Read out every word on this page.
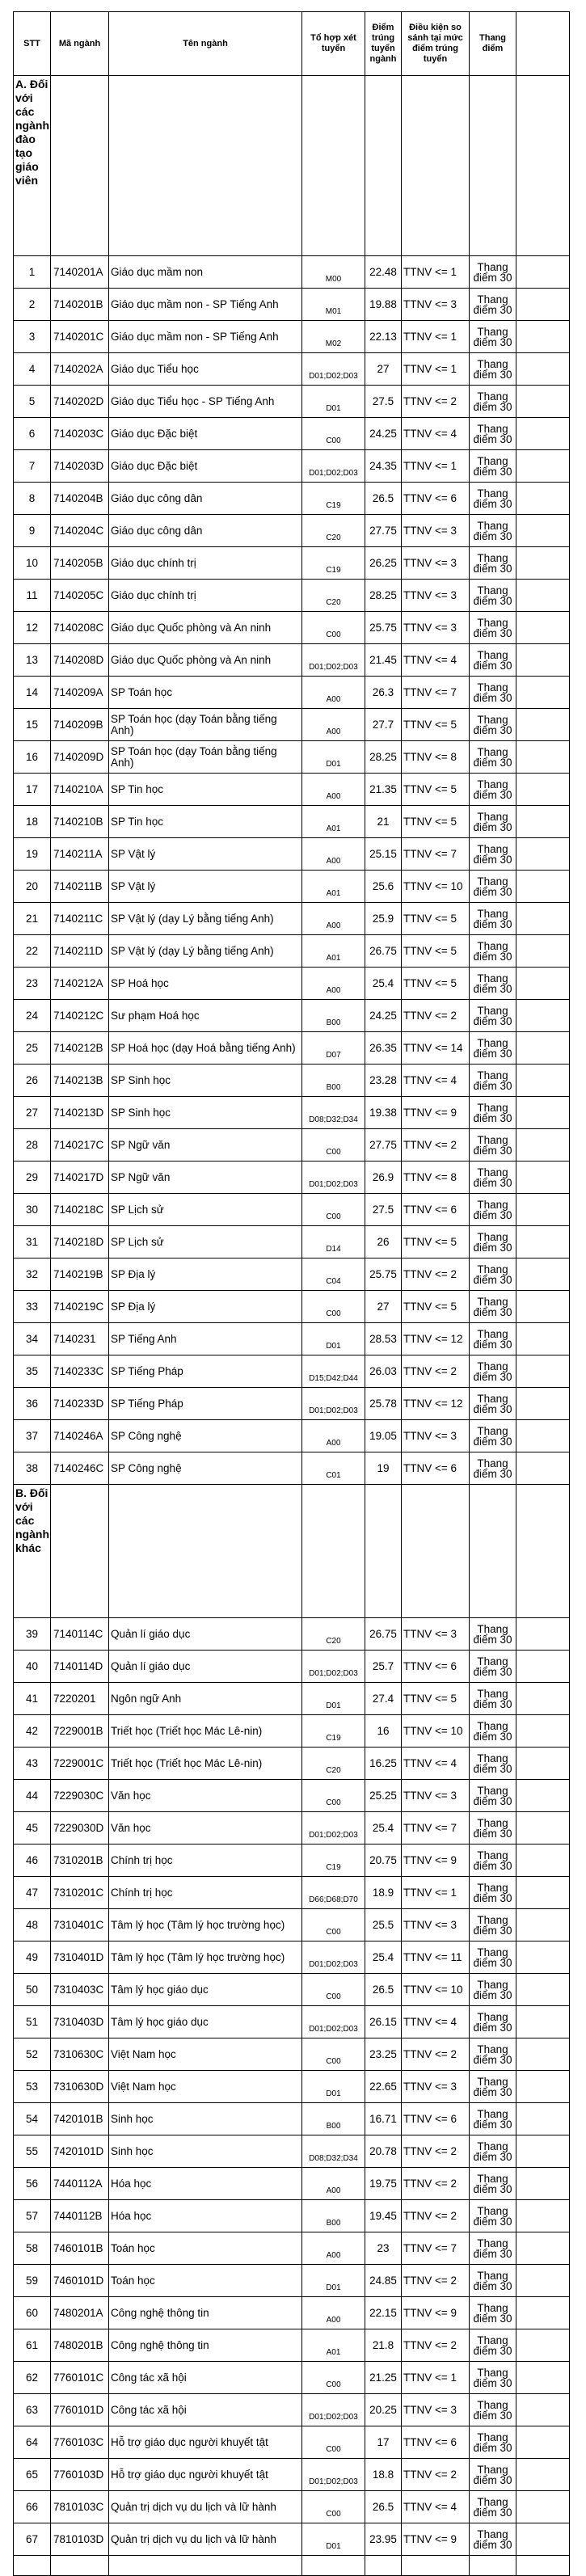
STT	Mã ngành	Tên ngành	Tổ hợp xét tuyển	Điểm trúng tuyển ngành	Điều kiện so sánh tại mức điểm trúng tuyển	Thang điểm	
A. Đối với các ngành đào tạo giáo viên							
1	7140201A	Giáo dục mầm non	M00	22.48	TTNV <= 1	Thang điểm 30	
2	7140201B	Giáo dục mầm non - SP Tiếng Anh	M01	19.88	TTNV <= 3	Thang điểm 30	
3	7140201C	Giáo dục mầm non - SP Tiếng Anh	M02	22.13	TTNV <= 1	Thang điểm 30	
4	7140202A	Giáo dục Tiểu học	D01;D02;D03	27	TTNV <= 1	Thang điểm 30	
5	7140202D	Giáo dục Tiểu học - SP Tiếng Anh	D01	27.5	TTNV <= 2	Thang điểm 30	
6	7140203C	Giáo dục Đặc biệt	C00	24.25	TTNV <= 4	Thang điểm 30	
7	7140203D	Giáo dục Đặc biệt	D01;D02;D03	24.35	TTNV <= 1	Thang điểm 30	
8	7140204B	Giáo dục công dân	C19	26.5	TTNV <= 6	Thang điểm 30	
9	7140204C	Giáo dục công dân	C20	27.75	TTNV <= 3	Thang điểm 30	
10	7140205B	Giáo dục chính trị	C19	26.25	TTNV <= 3	Thang điểm 30	
11	7140205C	Giáo dục chính trị	C20	28.25	TTNV <= 3	Thang điểm 30	
12	7140208C	Giáo dục Quốc phòng và An ninh	C00	25.75	TTNV <= 3	Thang điểm 30	
13	7140208D	Giáo dục Quốc phòng và An ninh	D01;D02;D03	21.45	TTNV <= 4	Thang điểm 30	
14	7140209A	SP Toán học	A00	26.3	TTNV <= 7	Thang điểm 30	
15	7140209B	SP Toán học (dạy Toán bằng tiếng Anh)	A00	27.7	TTNV <= 5	Thang điểm 30	
16	7140209D	SP Toán học (dạy Toán bằng tiếng Anh)	D01	28.25	TTNV <= 8	Thang điểm 30	
17	7140210A	SP Tin học	A00	21.35	TTNV <= 5	Thang điểm 30	
18	7140210B	SP Tin học	A01	21	TTNV <= 5	Thang điểm 30	
19	7140211A	SP Vật lý	A00	25.15	TTNV <= 7	Thang điểm 30	
20	7140211B	SP Vật lý	A01	25.6	TTNV <= 10	Thang điểm 30	
21	7140211C	SP Vật lý (dạy Lý bằng tiếng Anh)	A00	25.9	TTNV <= 5	Thang điểm 30	
22	7140211D	SP Vật lý (dạy Lý bằng tiếng Anh)	A01	26.75	TTNV <= 5	Thang điểm 30	
23	7140212A	SP Hoá học	A00	25.4	TTNV <= 5	Thang điểm 30	
24	7140212C	Sư phạm Hoá học	B00	24.25	TTNV <= 2	Thang điểm 30	
25	7140212B	SP Hoá học (dạy Hoá bằng tiếng Anh)	D07	26.35	TTNV <= 14	Thang điểm 30	
26	7140213B	SP Sinh học	B00	23.28	TTNV <= 4	Thang điểm 30	
27	7140213D	SP Sinh học	D08;D32;D34	19.38	TTNV <= 9	Thang điểm 30	
28	7140217C	SP Ngữ văn	C00	27.75	TTNV <= 2	Thang điểm 30	
29	7140217D	SP Ngữ văn	D01;D02;D03	26.9	TTNV <= 8	Thang điểm 30	
30	7140218C	SP Lịch sử	C00	27.5	TTNV <= 6	Thang điểm 30	
31	7140218D	SP Lịch sử	D14	26	TTNV <= 5	Thang điểm 30	
32	7140219B	SP Địa lý	C04	25.75	TTNV <= 2	Thang điểm 30	
33	7140219C	SP Địa lý	C00	27	TTNV <= 5	Thang điểm 30	
34	7140231	SP Tiếng Anh	D01	28.53	TTNV <= 12	Thang điểm 30	
35	7140233C	SP Tiếng Pháp	D15;D42;D44	26.03	TTNV <= 2	Thang điểm 30	
36	7140233D	SP Tiếng Pháp	D01;D02;D03	25.78	TTNV <= 12	Thang điểm 30	
37	7140246A	SP Công nghệ	A00	19.05	TTNV <= 3	Thang điểm 30	
38	7140246C	SP Công nghệ	C01	19	TTNV <= 6	Thang điểm 30	
B. Đối với các ngành khác							
39	7140114C	Quản lí giáo dục	C20	26.75	TTNV <= 3	Thang điểm 30	
40	7140114D	Quản lí giáo dục	D01;D02;D03	25.7	TTNV <= 6	Thang điểm 30	
41	7220201	Ngôn ngữ Anh	D01	27.4	TTNV <= 5	Thang điểm 30	
42	7229001B	Triết học (Triết học Mác Lê-nin)	C19	16	TTNV <= 10	Thang điểm 30	
43	7229001C	Triết học (Triết học Mác Lê-nin)	C20	16.25	TTNV <= 4	Thang điểm 30	
44	7229030C	Văn học	C00	25.25	TTNV <= 3	Thang điểm 30	
45	7229030D	Văn học	D01;D02;D03	25.4	TTNV <= 7	Thang điểm 30	
46	7310201B	Chính trị học	C19	20.75	TTNV <= 9	Thang điểm 30	
47	7310201C	Chính trị học	D66;D68;D70	18.9	TTNV <= 1	Thang điểm 30	
48	7310401C	Tâm lý học (Tâm lý học trường học)	C00	25.5	TTNV <= 3	Thang điểm 30	
49	7310401D	Tâm lý học (Tâm lý học trường học)	D01;D02;D03	25.4	TTNV <= 11	Thang điểm 30	
50	7310403C	Tâm lý học giáo dục	C00	26.5	TTNV <= 10	Thang điểm 30	
51	7310403D	Tâm lý học giáo dục	D01;D02;D03	26.15	TTNV <= 4	Thang điểm 30	
52	7310630C	Việt Nam học	C00	23.25	TTNV <= 2	Thang điểm 30	
53	7310630D	Việt Nam học	D01	22.65	TTNV <= 3	Thang điểm 30	
54	7420101B	Sinh học	B00	16.71	TTNV <= 6	Thang điểm 30	
55	7420101D	Sinh học	D08;D32;D34	20.78	TTNV <= 2	Thang điểm 30	
56	7440112A	Hóa học	A00	19.75	TTNV <= 2	Thang điểm 30	
57	7440112B	Hóa học	B00	19.45	TTNV <= 2	Thang điểm 30	
58	7460101B	Toán học	A00	23	TTNV <= 7	Thang điểm 30	
59	7460101D	Toán học	D01	24.85	TTNV <= 2	Thang điểm 30	
60	7480201A	Công nghệ thông tin	A00	22.15	TTNV <= 9	Thang điểm 30	
61	7480201B	Công nghệ thông tin	A01	21.8	TTNV <= 2	Thang điểm 30	
62	7760101C	Công tác xã hội	C00	21.25	TTNV <= 1	Thang điểm 30	
63	7760101D	Công tác xã hội	D01;D02;D03	20.25	TTNV <= 3	Thang điểm 30	
64	7760103C	Hỗ trợ giáo dục người khuyết tật	C00	17	TTNV <= 6	Thang điểm 30	
65	7760103D	Hỗ trợ giáo dục người khuyết tật	D01;D02;D03	18.8	TTNV <= 2	Thang điểm 30	
66	7810103C	Quản trị dịch vụ du lịch và lữ hành	C00	26.5	TTNV <= 4	Thang điểm 30	
67	7810103D	Quản trị dịch vụ du lịch và lữ hành	D01	23.95	TTNV <= 9	Thang điểm 30	
